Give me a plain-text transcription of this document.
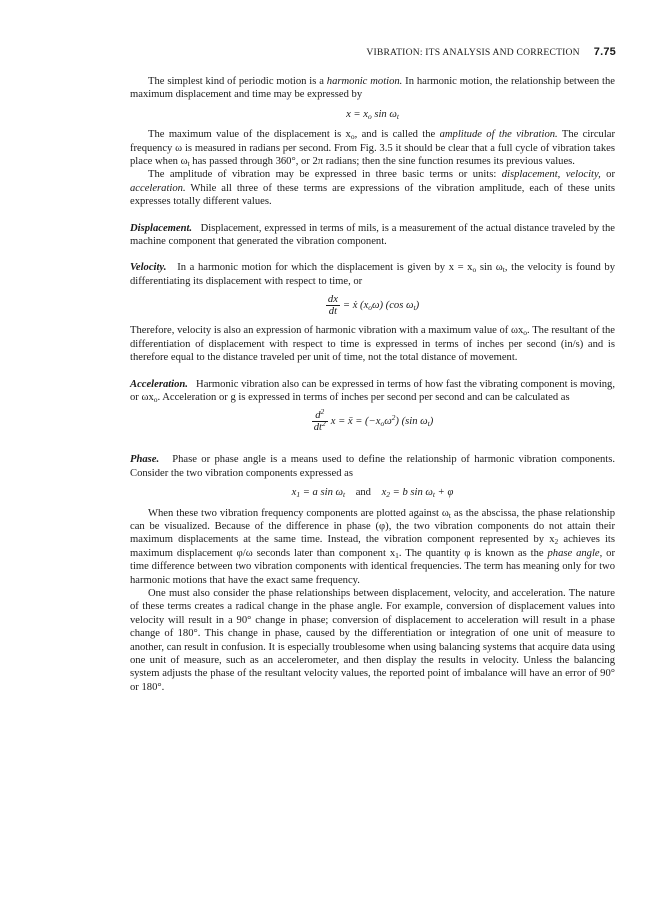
VIBRATION: ITS ANALYSIS AND CORRECTION 7.75

The simplest kind of periodic motion is a harmonic motion. In harmonic motion, the relationship between the maximum displacement and time may be expressed by

$x = x_o$ $\sin \omega_t$

The maximum value of the displacement is $x_o$, and is called the amplitude of the vibration. The circular frequency ω is measured in radians per second. From Fig. 3.5 it should be clear that a full cycle of vibration takes place when $\omega_t$ has passed through 360°, or 2π radians; then the sine function resumes its previous values.

The amplitude of vibration may be expressed in three basic terms or units: displacement, velocity, or acceleration. While all three of these terms are expressions of the vibration amplitude, each of these units expresses totally different values.

Displacement. Displacement, expressed in terms of mils, is a measurement of the actual distance traveled by the machine component that generated the vibration component.

Velocity. In a harmonic motion for which the displacement is given by $x = x_o$ $\sin \omega_t$, the velocity is found by differentiating its displacement with respect to time, or

$\frac{dx}{dt}$ = ẋ $(x_o\omega)$ (cos $\omega_t$)

Therefore, velocity is also an expression of harmonic vibration with a maximum value of $\omega x_o$. The resultant of the differentiation of displacement with respect to time is expressed in terms of inches per second (in/s) and is therefore equal to the distance traveled per unit of time, not the total distance of movement.

Acceleration. Harmonic vibration also can be expressed in terms of how fast the vibrating component is moving, or $\omega x_o$. Acceleration or g is expressed in terms of inches per second per second and can be calculated as

$\frac{d^2}{dt^2}$ x = ẍ = $(-x_o\omega^2)$ (sin $\omega_t$)

Phase. Phase or phase angle is a means used to define the relationship of harmonic vibration components. Consider the two vibration components expressed as

$x_1 = a$ $\sin \omega_t$ and $x_2 = b$ $\sin \omega_t + \varphi$

When these two vibration frequency components are plotted against $\omega_t$ as the abscissa, the phase relationship can be visualized. Because of the difference in phase (φ), the two vibration components do not attain their maximum displacements at the same time. Instead, the vibration component represented by $x_2$ achieves its maximum displacement φ/ω seconds later than component $x_1$. The quantity φ is known as the phase angle, or time difference between two vibration components with identical frequencies. The term has meaning only for two harmonic motions that have the exact same frequency.

One must also consider the phase relationships between displacement, velocity, and acceleration. The nature of these terms creates a radical change in the phase angle. For example, conversion of displacement values into velocity will result in a 90° change in phase; conversion of displacement to acceleration will result in a phase change of 180°. This change in phase, caused by the differentiation or integration of one unit of measure to another, can result in confusion. It is especially troublesome when using balancing systems that acquire data using one unit of measure, such as an accelerometer, and then display the results in velocity. Unless the balancing system adjusts the phase of the resultant velocity values, the reported point of imbalance will have an error of 90° or 180°.
